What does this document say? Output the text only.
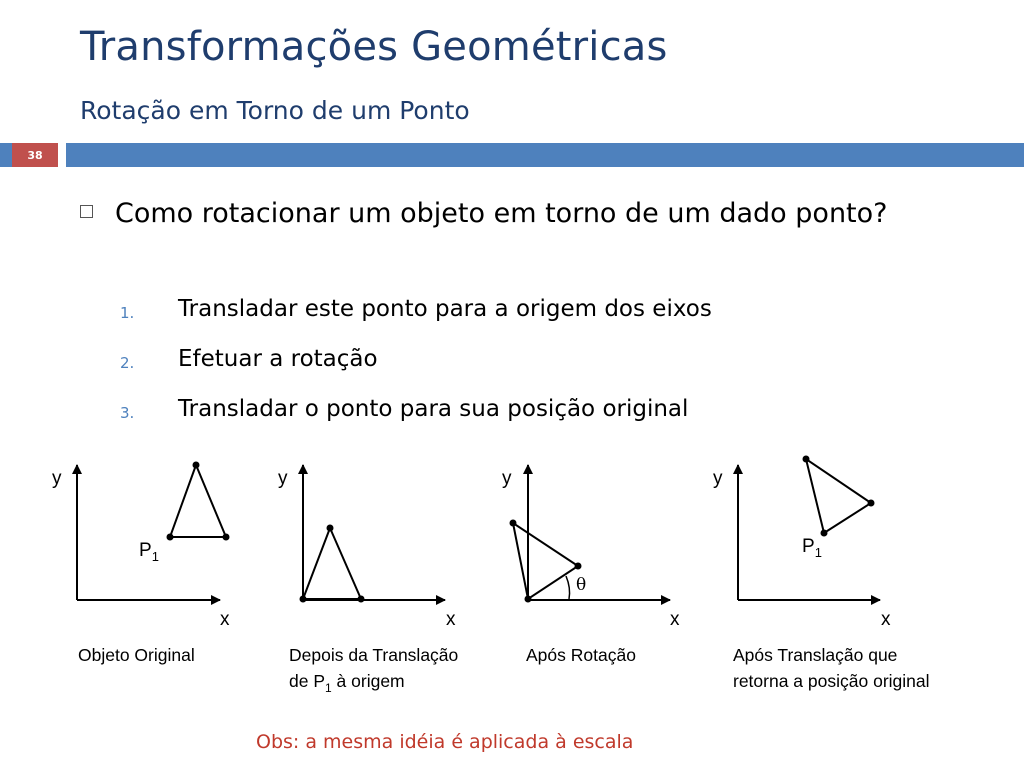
Transformações Geométricas
Rotação em Torno de um Ponto
38
Como rotacionar um objeto em torno de um dado ponto?
1. Transladar este ponto para a origem dos eixos
2. Efetuar a rotação
3. Transladar o ponto para sua posição original
y
x
y
x
y
x
y
x
$P_1$	$P_1$
θ
Objeto Original	Depois da Translação
de $P_1$ à origem
Após Rotação	Após Translação que
retorna a posição original
Obs: a mesma idéia é aplicada à escala
